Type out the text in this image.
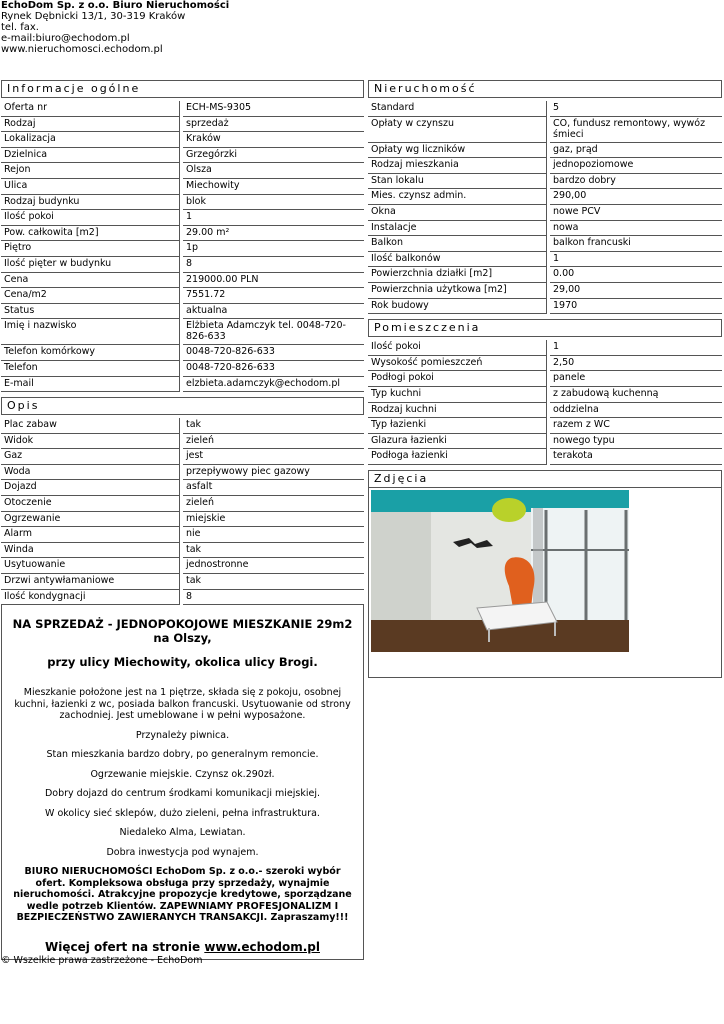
EchoDom Sp. z o.o. Biuro Nieruchomości
Rynek Dębnicki 13/1, 30-319 Kraków
tel. fax.
e-mail:biuro@echodom.pl
www.nieruchomosci.echodom.pl
Informacje ogólne
Oferta nr	ECH-MS-9305
Rodzaj	sprzedaż
Lokalizacja	Kraków
Dzielnica	Grzegórzki
Rejon	Olsza
Ulica	Miechowity
Rodzaj budynku	blok
Ilość pokoi	1
Pow. całkowita [m2]	29.00 m²
Piętro	1p
Ilość pięter w budynku	8
Cena	219000.00 PLN
Cena/m2	7551.72
Status	aktualna
Imię i nazwisko	Elżbieta Adamczyk tel. 0048-720-826-633
Telefon komórkowy	0048-720-826-633
Telefon	0048-720-826-633
E-mail	elzbieta.adamczyk@echodom.pl
Opis
Plac zabaw	tak
Widok	zieleń
Gaz	jest
Woda	przepływowy piec gazowy
Dojazd	asfalt
Otoczenie	zieleń
Ogrzewanie	miejskie
Alarm	nie
Winda	tak
Usytuowanie	jednostronne
Drzwi antywłamaniowe	tak
Ilość kondygnacji	8
NA SPRZEDAŻ - JEDNOPOKOJOWE MIESZKANIE 29m2 na Olszy,
przy ulicy Miechowity, okolica ulicy Brogi.

Mieszkanie położone jest na 1 piętrze, składa się z pokoju, osobnej kuchni, łazienki z wc, posiada balkon francuski. Usytuowanie od strony zachodniej. Jest umeblowane i w pełni wyposażone.

Przynależy piwnica.

Stan mieszkania bardzo dobry, po generalnym remoncie.

Ogrzewanie miejskie. Czynsz ok.290zł.

Dobry dojazd do centrum środkami komunikacji miejskiej.

W okolicy sieć sklepów, dużo zieleni, pełna infrastruktura.

Niedaleko Alma, Lewiatan.

Dobra inwestycja pod wynajem.

BIURO NIERUCHOMOŚCI EchoDom Sp. z o.o.- szeroki wybór ofert. Kompleksowa obsługa przy sprzedaży, wynajmie nieruchomości. Atrakcyjne propozycje kredytowe, sporządzane wedle potrzeb Klientów. ZAPEWNIAMY PROFESJONALIZM I BEZPIECZEŃSTWO ZAWIERANYCH TRANSAKCJI. Zapraszamy!!!

Więcej ofert na stronie www.echodom.pl

Nieruchomość
Standard	5
Opłaty w czynszu	CO, fundusz remontowy, wywóz śmieci
Opłaty wg liczników	gaz, prąd
Rodzaj mieszkania	jednopoziomowe
Stan lokalu	bardzo dobry
Mies. czynsz admin.	290,00
Okna	nowe PCV
Instalacje	nowa
Balkon	balkon francuski
Ilość balkonów	1
Powierzchnia działki [m2]	0.00
Powierzchnia użytkowa [m2]	29,00
Rok budowy	1970
Pomieszczenia
Ilość pokoi	1
Wysokość pomieszczeń	2,50
Podłogi pokoi	panele
Typ kuchni	z zabudową kuchenną
Rodzaj kuchni	oddzielna
Typ łazienki	razem z WC
Glazura łazienki	nowego typu
Podłoga łazienki	terakota
Zdjęcia
© Wszelkie prawa zastrzeżone - EchoDom
